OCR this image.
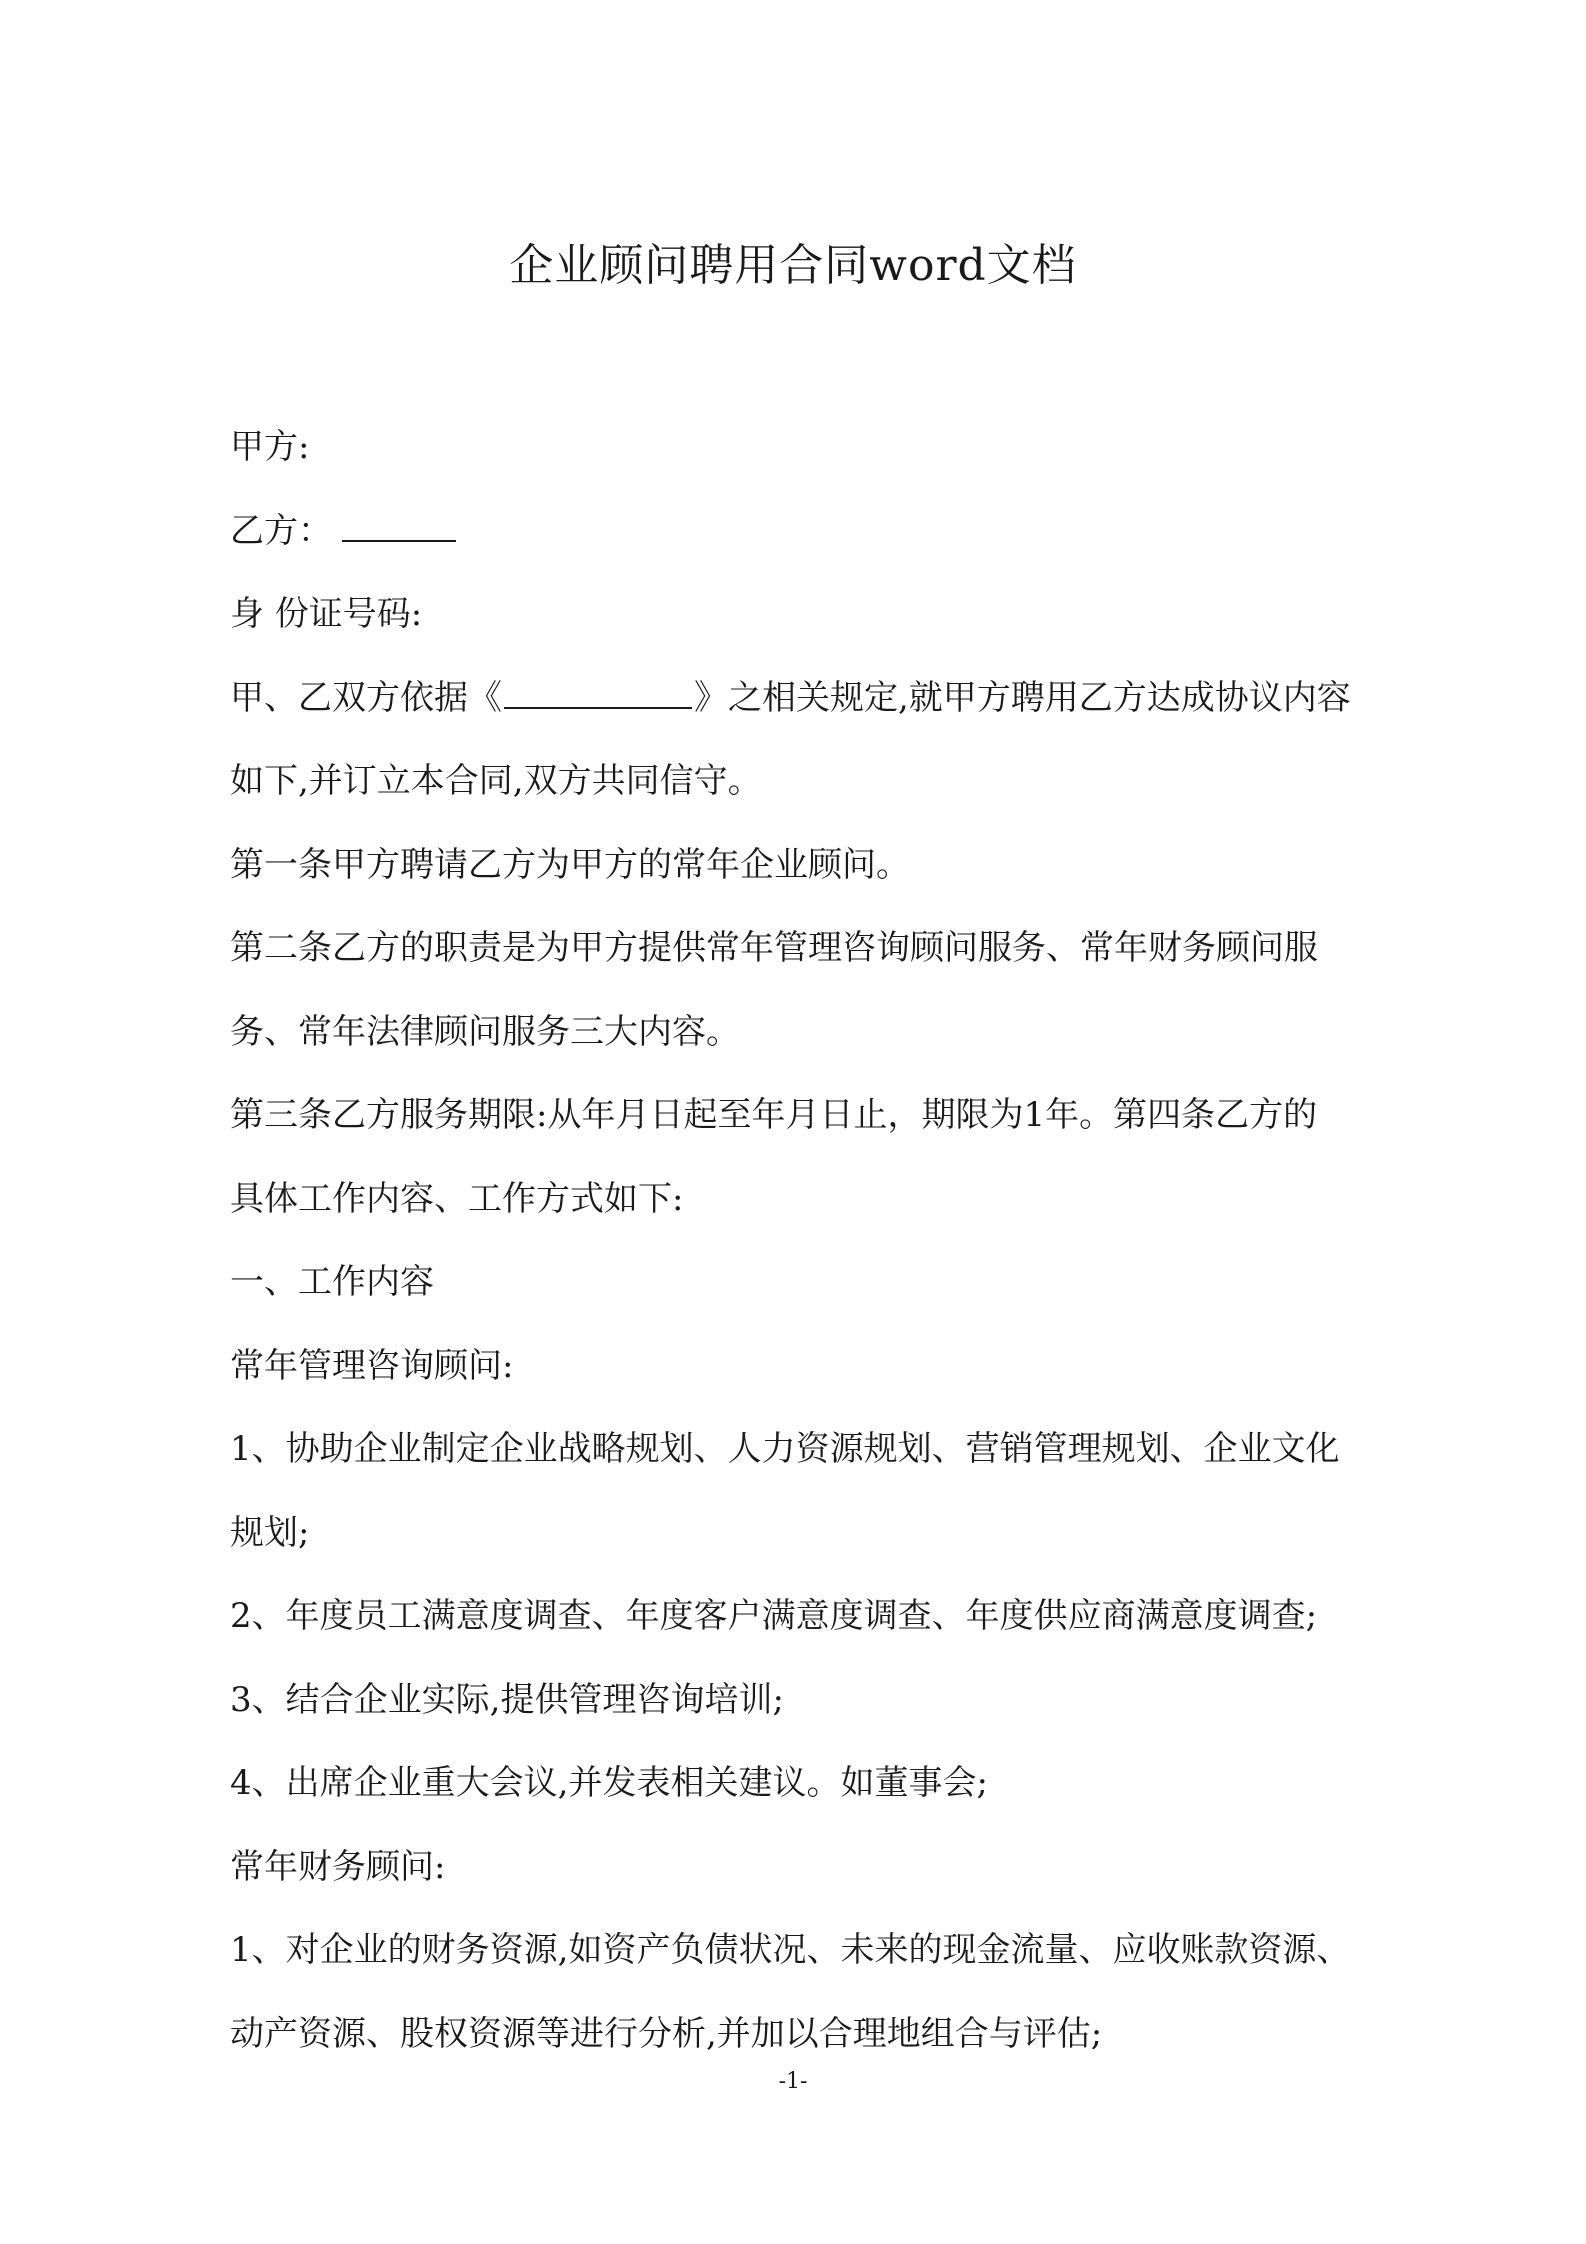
企业顾问聘用合同word文档
甲方:
乙方：
身 份证号码:
甲、乙双方依据《	》之相关规定,就甲方聘用乙方达成协议内容
如下,并订立本合同,双方共同信守。
第一条甲方聘请乙方为甲方的常年企业顾问。
第二条乙方的职责是为甲方提供常年管理咨询顾问服务、常年财务顾问服
务、常年法律顾问服务三大内容。
第三条乙方服务期限:从年月日起至年月日止，期限为1年。第四条乙方的
具体工作内容、工作方式如下:
一、工作内容
常年管理咨询顾问:
1、协助企业制定企业战略规划、人力资源规划、营销管理规划、企业文化
规划;
2、年度员工满意度调查、年度客户满意度调查、年度供应商满意度调查;
3、结合企业实际,提供管理咨询培训;
4、出席企业重大会议,并发表相关建议。如董事会;
常年财务顾问:
1、对企业的财务资源,如资产负债状况、未来的现金流量、应收账款资源、
动产资源、股权资源等进行分析,并加以合理地组合与评估;
-1-
